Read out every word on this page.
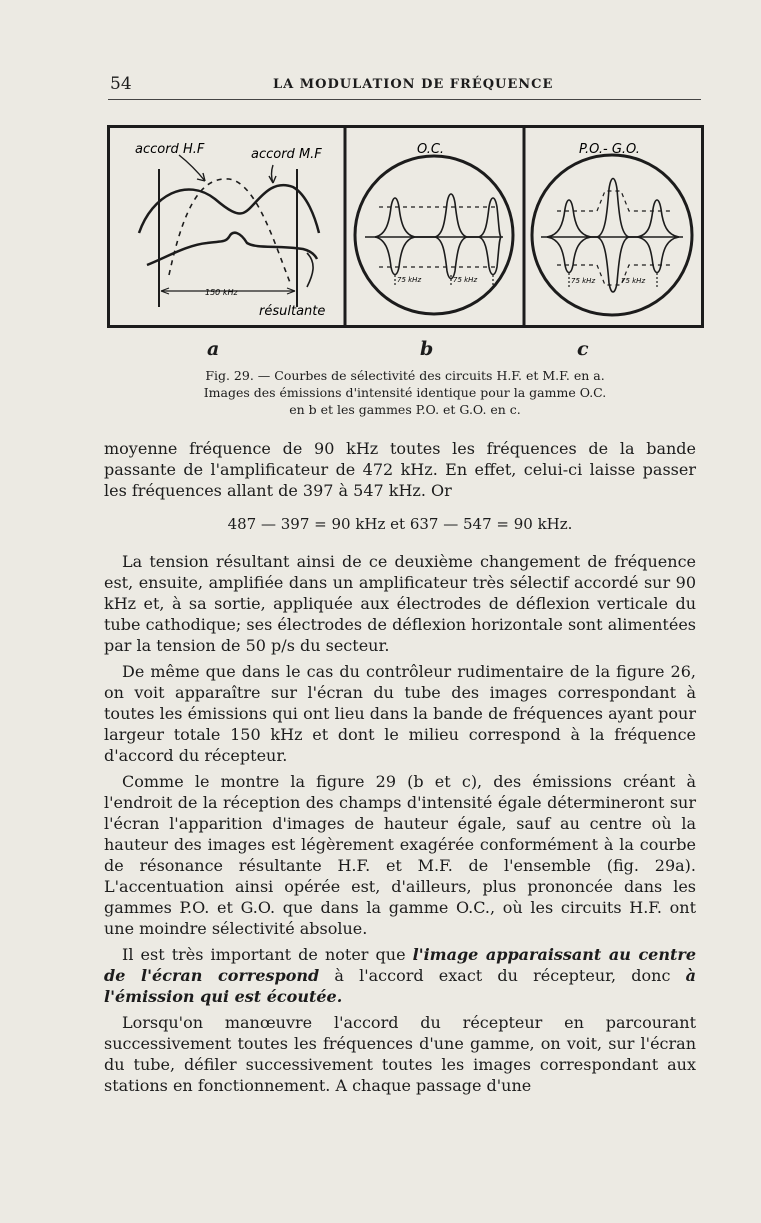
54	LA MODULATION DE FRÉQUENCE
accord H.F	accord M.F
150 kHz
résultante
O.C.
75 kHz	75 kHz
P.O.- G.O.
75 kHz	75 kHz
a	b	c
Fig. 29. — Courbes de sélectivité des circuits H.F. et M.F. en a.
Images des émissions d'intensité identique pour la gamme O.C.
en b et les gammes P.O. et G.O. en c.

moyenne fréquence de 90 kHz toutes les fréquences de la bande passante de l'amplificateur de 472 kHz. En effet, celui-ci laisse passer les fréquences allant de 397 à 547 kHz. Or

487 — 397 = 90 kHz et 637 — 547 = 90 kHz.

La tension résultant ainsi de ce deuxième changement de fréquence est, ensuite, amplifiée dans un amplificateur très sélectif accordé sur 90 kHz et, à sa sortie, appliquée aux électrodes de déflexion verticale du tube cathodique; ses électrodes de déflexion horizontale sont alimentées par la tension de 50 p/s du secteur.

De même que dans le cas du contrôleur rudimentaire de la figure 26, on voit apparaître sur l'écran du tube des images correspondant à toutes les émissions qui ont lieu dans la bande de fréquences ayant pour largeur totale 150 kHz et dont le milieu correspond à la fréquence d'accord du récepteur.

Comme le montre la figure 29 (b et c), des émissions créant à l'endroit de la réception des champs d'intensité égale détermineront sur l'écran l'apparition d'images de hauteur égale, sauf au centre où la hauteur des images est légèrement exagérée conformément à la courbe de résonance résultante H.F. et M.F. de l'ensemble (fig. 29a). L'accentuation ainsi opérée est, d'ailleurs, plus prononcée dans les gammes P.O. et G.O. que dans la gamme O.C., où les circuits H.F. ont une moindre sélectivité absolue.

Il est très important de noter que l'image apparaissant au centre de l'écran correspond à l'accord exact du récepteur, donc à l'émission qui est écoutée.

Lorsqu'on manœuvre l'accord du récepteur en parcourant successivement toutes les fréquences d'une gamme, on voit, sur l'écran du tube, défiler successivement toutes les images correspondant aux stations en fonctionnement. A chaque passage d'une
